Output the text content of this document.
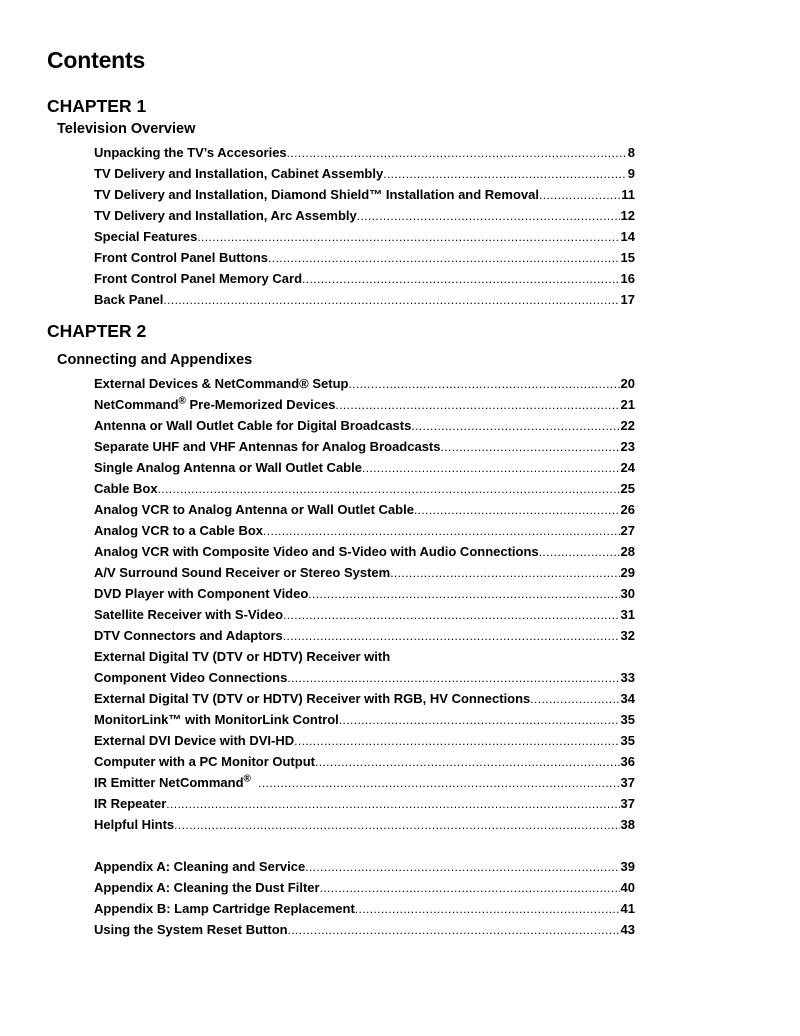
Contents
CHAPTER 1
Television Overview
Unpacking the TV’s Accesories .....	8
TV Delivery and Installation, Cabinet Assembly .....	9
TV Delivery and Installation, Diamond Shield™ Installation and Removal .....	11
TV Delivery and Installation, Arc Assembly .....	12
Special Features .....	14
Front Control Panel Buttons .....	15
Front Control Panel Memory Card .....	16
Back Panel .....	17
CHAPTER 2
Connecting and Appendixes
External Devices & NetCommand® Setup .....	20
NetCommand® Pre-Memorized Devices .....	21
Antenna or Wall Outlet Cable for Digital Broadcasts .....	22
Separate UHF and VHF Antennas for Analog Broadcasts .....	23
Single Analog Antenna or Wall Outlet Cable .....	24
Cable Box .....	25
Analog VCR to Analog Antenna or Wall Outlet Cable .....	26
Analog VCR to a Cable Box .....	27
Analog VCR with Composite Video and S-Video with Audio Connections .....	28
A/V Surround Sound Receiver or Stereo System .....	29
DVD Player with Component Video .....	30
Satellite Receiver with S-Video .....	31
DTV Connectors and Adaptors .....	32
External Digital TV (DTV or HDTV) Receiver with
Component Video Connections .....	33
External Digital TV (DTV or HDTV) Receiver with RGB, HV Connections .....	34
MonitorLink™ with MonitorLink Control .....	35
External DVI Device with DVI-HD .....	35
Computer with a PC Monitor Output .....	36
IR Emitter NetCommand® .....	37
IR Repeater .....	37
Helpful Hints .....	38
Appendix A: Cleaning and Service .....	39
Appendix A: Cleaning the Dust Filter .....	40
Appendix B: Lamp Cartridge Replacement .....	41
Using the System Reset Button .....	43
